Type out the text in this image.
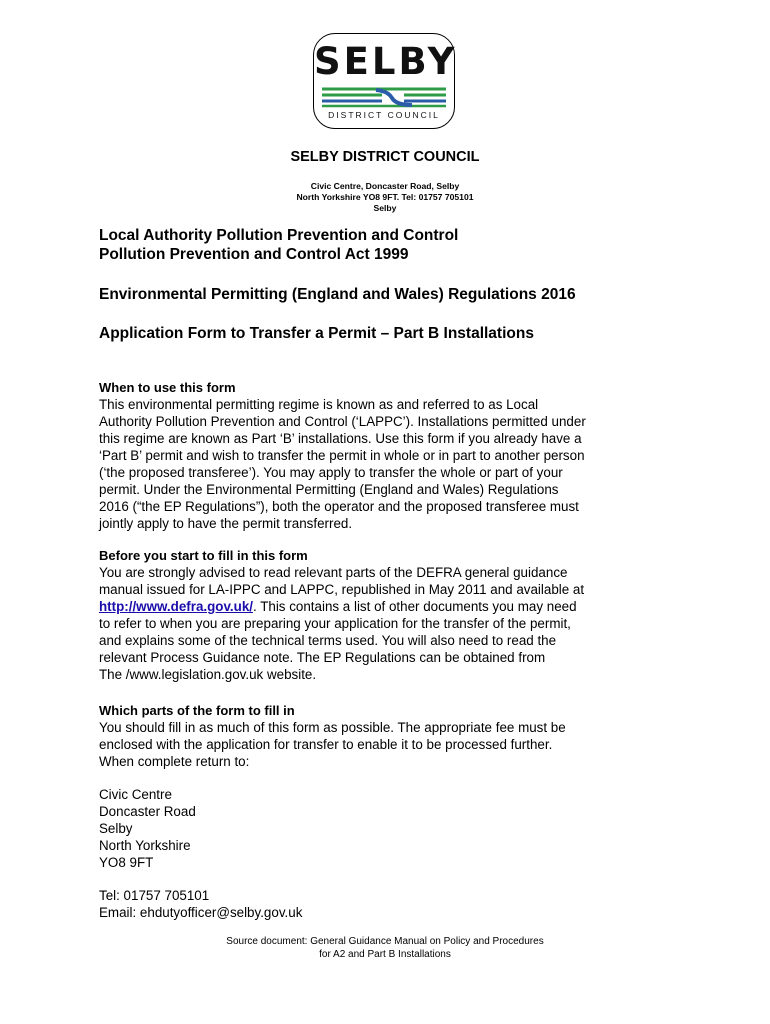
SELBY
DISTRICT COUNCIL
SELBY DISTRICT COUNCIL
Civic Centre, Doncaster Road, Selby
North Yorkshire YO8 9FT. Tel: 01757 705101
Selby
Local Authority Pollution Prevention and Control
Pollution Prevention and Control Act 1999
Environmental Permitting (England and Wales) Regulations 2016
Application Form to Transfer a Permit – Part B Installations
When to use this form
This environmental permitting regime is known as and referred to as Local
Authority Pollution Prevention and Control (‘LAPPC’). Installations permitted under
this regime are known as Part ‘B’ installations. Use this form if you already have a
‘Part B’ permit and wish to transfer the permit in whole or in part to another person
(‘the proposed transferee’). You may apply to transfer the whole or part of your
permit. Under the Environmental Permitting (England and Wales) Regulations
2016 (“the EP Regulations”), both the operator and the proposed transferee must
jointly apply to have the permit transferred.
Before you start to fill in this form
You are strongly advised to read relevant parts of the DEFRA general guidance
manual issued for LA-IPPC and LAPPC, republished in May 2011 and available at
http://www.defra.gov.uk/. This contains a list of other documents you may need
to refer to when you are preparing your application for the transfer of the permit,
and explains some of the technical terms used. You will also need to read the
relevant Process Guidance note. The EP Regulations can be obtained from
The /www.legislation.gov.uk website.
Which parts of the form to fill in
You should fill in as much of this form as possible. The appropriate fee must be
enclosed with the application for transfer to enable it to be processed further.
When complete return to:
Civic Centre
Doncaster Road
Selby
North Yorkshire
YO8 9FT
Tel: 01757 705101
Email: ehdutyofficer@selby.gov.uk
Source document: General Guidance Manual on Policy and Procedures
for A2 and Part B Installations
